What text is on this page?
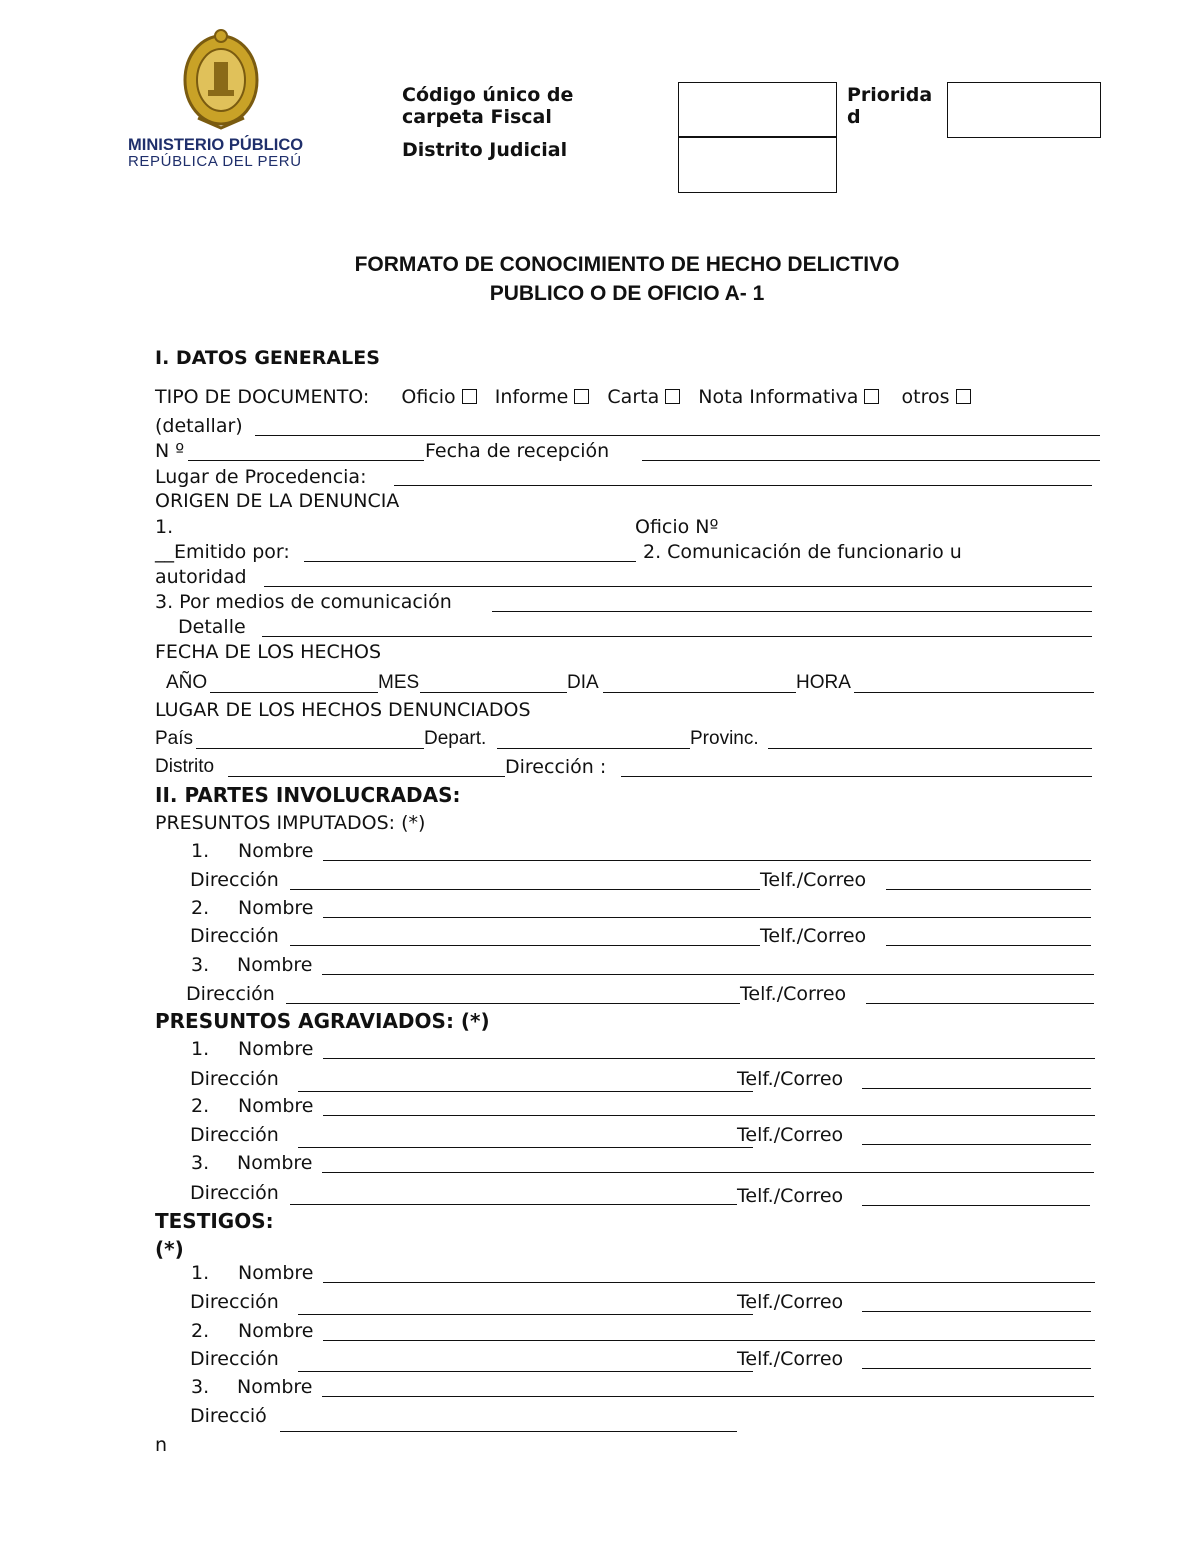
MINISTERIO PÚBLICO
REPÚBLICA DEL PERÚ
Código único de
carpeta Fiscal
Distrito Judicial
Priorida
d
FORMATO DE CONOCIMIENTO DE HECHO DELICTIVO
PUBLICO O DE OFICIO A- 1
I. DATOS GENERALES
TIPO DE DOCUMENTO: Oficio Informe Carta Nota Informativa otros
(detallar)
N º	Fecha de recepción
Lugar de Procedencia:
ORIGEN DE LA DENUNCIA
1.	Oficio Nº
__Emitido por:	2. Comunicación de funcionario u
autoridad
3. Por medios de comunicación
Detalle
FECHA DE LOS HECHOS
AÑO	MES	DIA	HORA
LUGAR DE LOS HECHOS DENUNCIADOS
País	Depart.	Provinc.
Distrito	Dirección :
II. PARTES INVOLUCRADAS:
PRESUNTOS IMPUTADOS: (*)
1. Nombre
Dirección	Telf./Correo
2. Nombre
Dirección	Telf./Correo
3. Nombre
Dirección	Telf./Correo
PRESUNTOS AGRAVIADOS: (*)
1. Nombre
Dirección	Telf./Correo
2. Nombre
Dirección	Telf./Correo
3. Nombre
Dirección	Telf./Correo
TESTIGOS:
(*)
1. Nombre
Dirección	Telf./Correo
2. Nombre
Dirección	Telf./Correo
3. Nombre
Direcció
n
